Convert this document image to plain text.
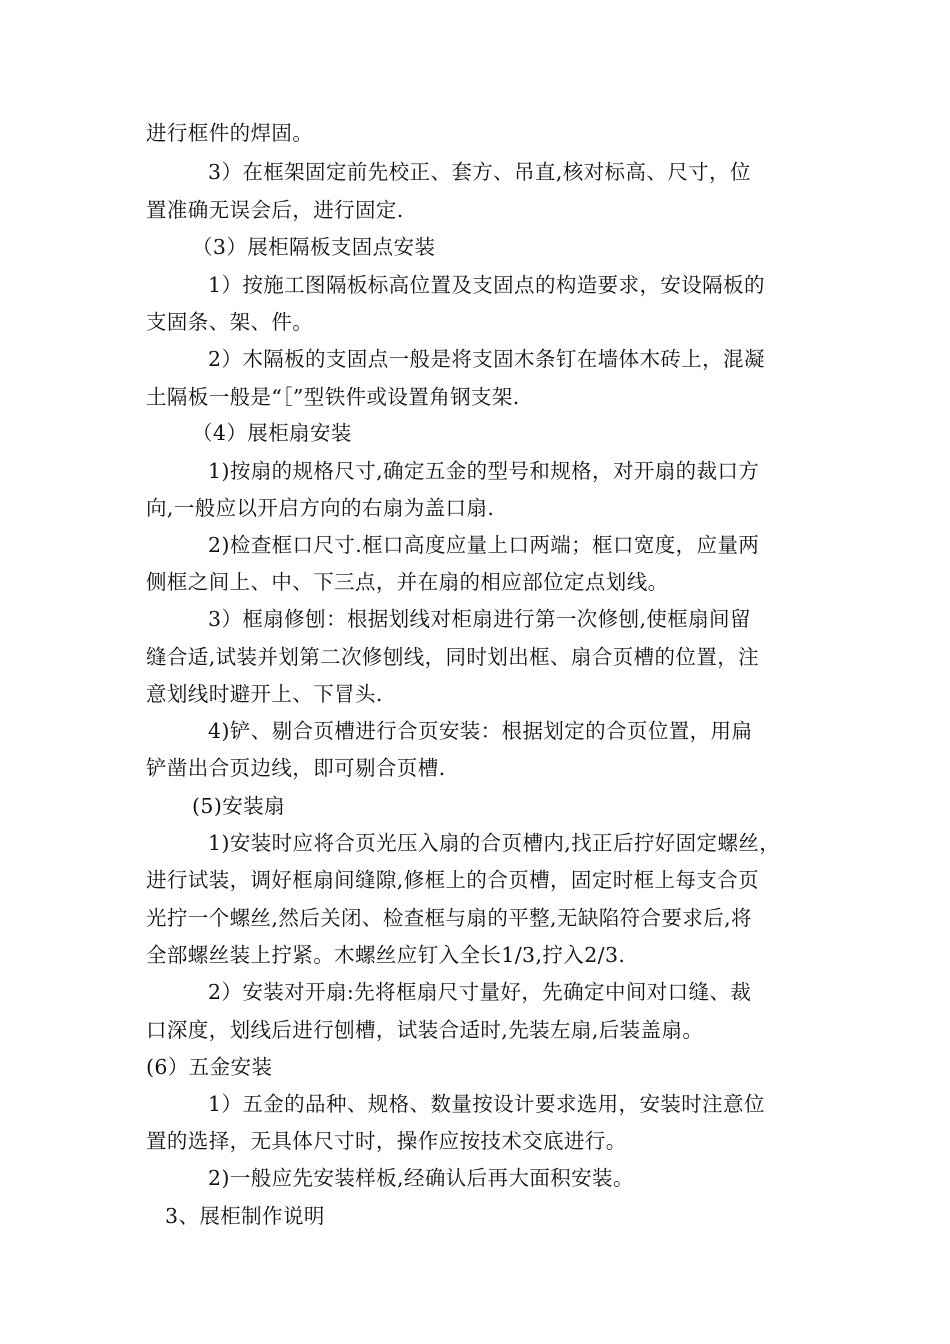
进行框件的焊固。
3）在框架固定前先校正、套方、吊直,核对标高、尺寸，位
置准确无误会后，进行固定.
（3）展柜隔板支固点安装
1）按施工图隔板标高位置及支固点的构造要求，安设隔板的
支固条、架、件。
2）木隔板的支固点一般是将支固木条钉在墙体木砖上，混凝
土隔板一般是“［”型铁件或设置角钢支架.
（4）展柜扇安装
1)按扇的规格尺寸,确定五金的型号和规格，对开扇的裁口方
向,一般应以开启方向的右扇为盖口扇.
2)检查框口尺寸.框口高度应量上口两端；框口宽度，应量两
侧框之间上、中、下三点，并在扇的相应部位定点划线。
3）框扇修刨：根据划线对柜扇进行第一次修刨,使框扇间留
缝合适,试装并划第二次修刨线，同时划出框、扇合页槽的位置，注
意划线时避开上、下冒头.
4)铲、剔合页槽进行合页安装：根据划定的合页位置，用扁
铲凿出合页边线，即可剔合页槽.
(5)安装扇
1)安装时应将合页光压入扇的合页槽内,找正后拧好固定螺丝，
进行试装，调好框扇间缝隙,修框上的合页槽，固定时框上每支合页
光拧一个螺丝,然后关闭、检查框与扇的平整,无缺陷符合要求后,将
全部螺丝装上拧紧。木螺丝应钉入全长1/3,拧入2/3.
2）安装对开扇:先将框扇尺寸量好，先确定中间对口缝、裁
口深度，划线后进行刨槽，试装合适时,先装左扇,后装盖扇。
(6）五金安装
1）五金的品种、规格、数量按设计要求选用，安装时注意位
置的选择，无具体尺寸时，操作应按技术交底进行。
2)一般应先安装样板,经确认后再大面积安装。
3、展柜制作说明
